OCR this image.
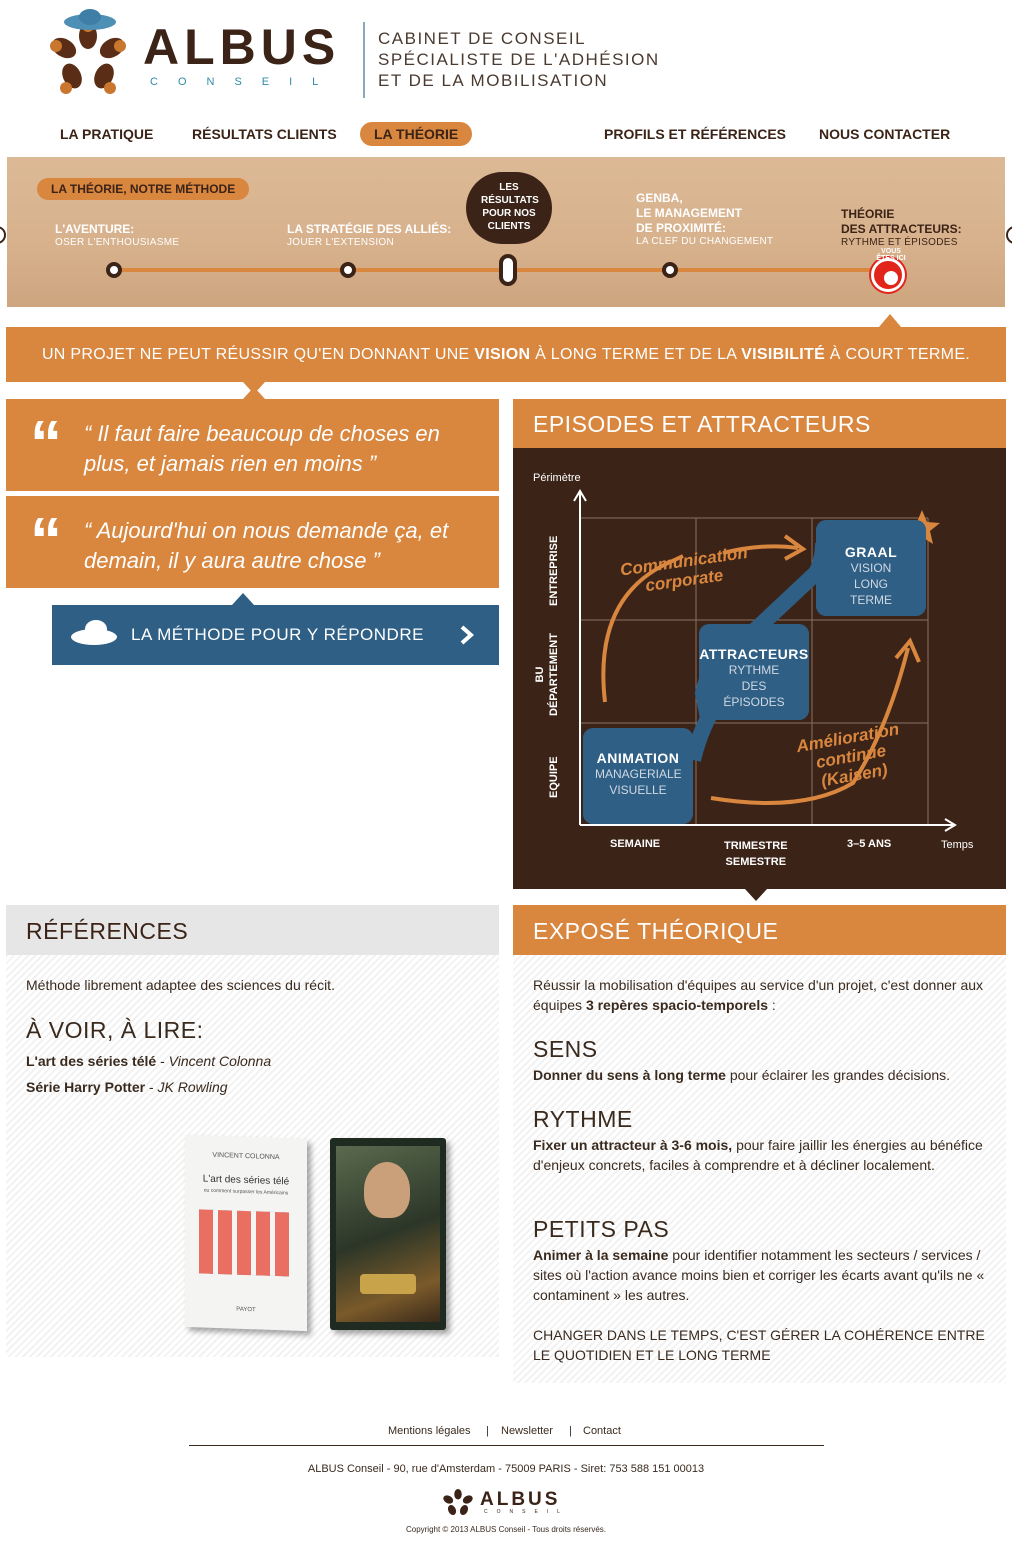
ALBUS
CONSEIL
CABINET DE CONSEIL
SPÉCIALISTE DE L'ADHÉSION
ET DE LA MOBILISATION
LA PRATIQUE	RÉSULTATS CLIENTS	LA THÉORIE	PROFILS ET RÉFÉRENCES NOUS CONTACTER
LA THÉORIE, NOTRE MÉTHODE
L'AVENTURE:
OSER L'ENTHOUSIASME
LA STRATÉGIE DES ALLIÉS:
JOUER L'EXTENSION
LES RÉSULTATS POUR NOS CLIENTS
GENBA,
LE MANAGEMENT
DE PROXIMITÉ:
LA CLEF DU CHANGEMENT
THÉORIE
DES ATTRACTEURS:
RYTHME ET ÉPISODES
VOUS ÊTES ICI
UN PROJET NE PEUT RÉUSSIR QU'EN DONNANT UNE VISION À LONG TERME ET DE LA VISIBILITÉ À COURT TERME.
“ “ Il faut faire beaucoup de choses en plus, et jamais rien en moins ”
“ “ Aujourd'hui on nous demande ça, et demain, il y aura autre chose ”
LA MÉTHODE POUR Y RÉPONDRE
EPISODES ET ATTRACTEURS
Périmètre
Temps
ENTREPRISE
BU
DÉPARTEMENT
EQUIPE
SEMAINE	TRIMESTRE
SEMESTRE
3–5 ANS
GRAAL
VISION LONG TERME
ATTRACTEURS
RYTHME DES ÉPISODES
ANIMATION
MANAGERIALE VISUELLE
Communication corporate
Amélioration continue (Kaisen)
RÉFÉRENCES
Méthode librement adaptee des sciences du récit.
À VOIR, À LIRE:
L'art des séries télé - Vincent Colonna
Série Harry Potter - JK Rowling
VINCENT COLONNA
L'art des séries télé
ou comment surpasser les Américains
PAYOT
EXPOSÉ THÉORIQUE
Réussir la mobilisation d'équipes au service d'un projet, c'est donner aux équipes 3 repères spacio-temporels :
SENS
Donner du sens à long terme pour éclairer les grandes décisions.
RYTHME
Fixer un attracteur à 3-6 mois, pour faire jaillir les énergies au bénéfice d'enjeux concrets, faciles à comprendre et à décliner localement.
PETITS PAS
Animer à la semaine pour identifier notamment les secteurs / services / sites où l'action avance moins bien et corriger les écarts avant qu'ils ne « contaminent » les autres.
CHANGER DANS LE TEMPS, C'EST GÉRER LA COHÉRENCE ENTRE LE QUOTIDIEN ET LE LONG TERME
Mentions légales | Newsletter | Contact
ALBUS Conseil - 90, rue d'Amsterdam - 75009 PARIS - Siret: 753 588 151 00013
ALBUS
CONSEIL
Copyright © 2013 ALBUS Conseil - Tous droits réservés.
